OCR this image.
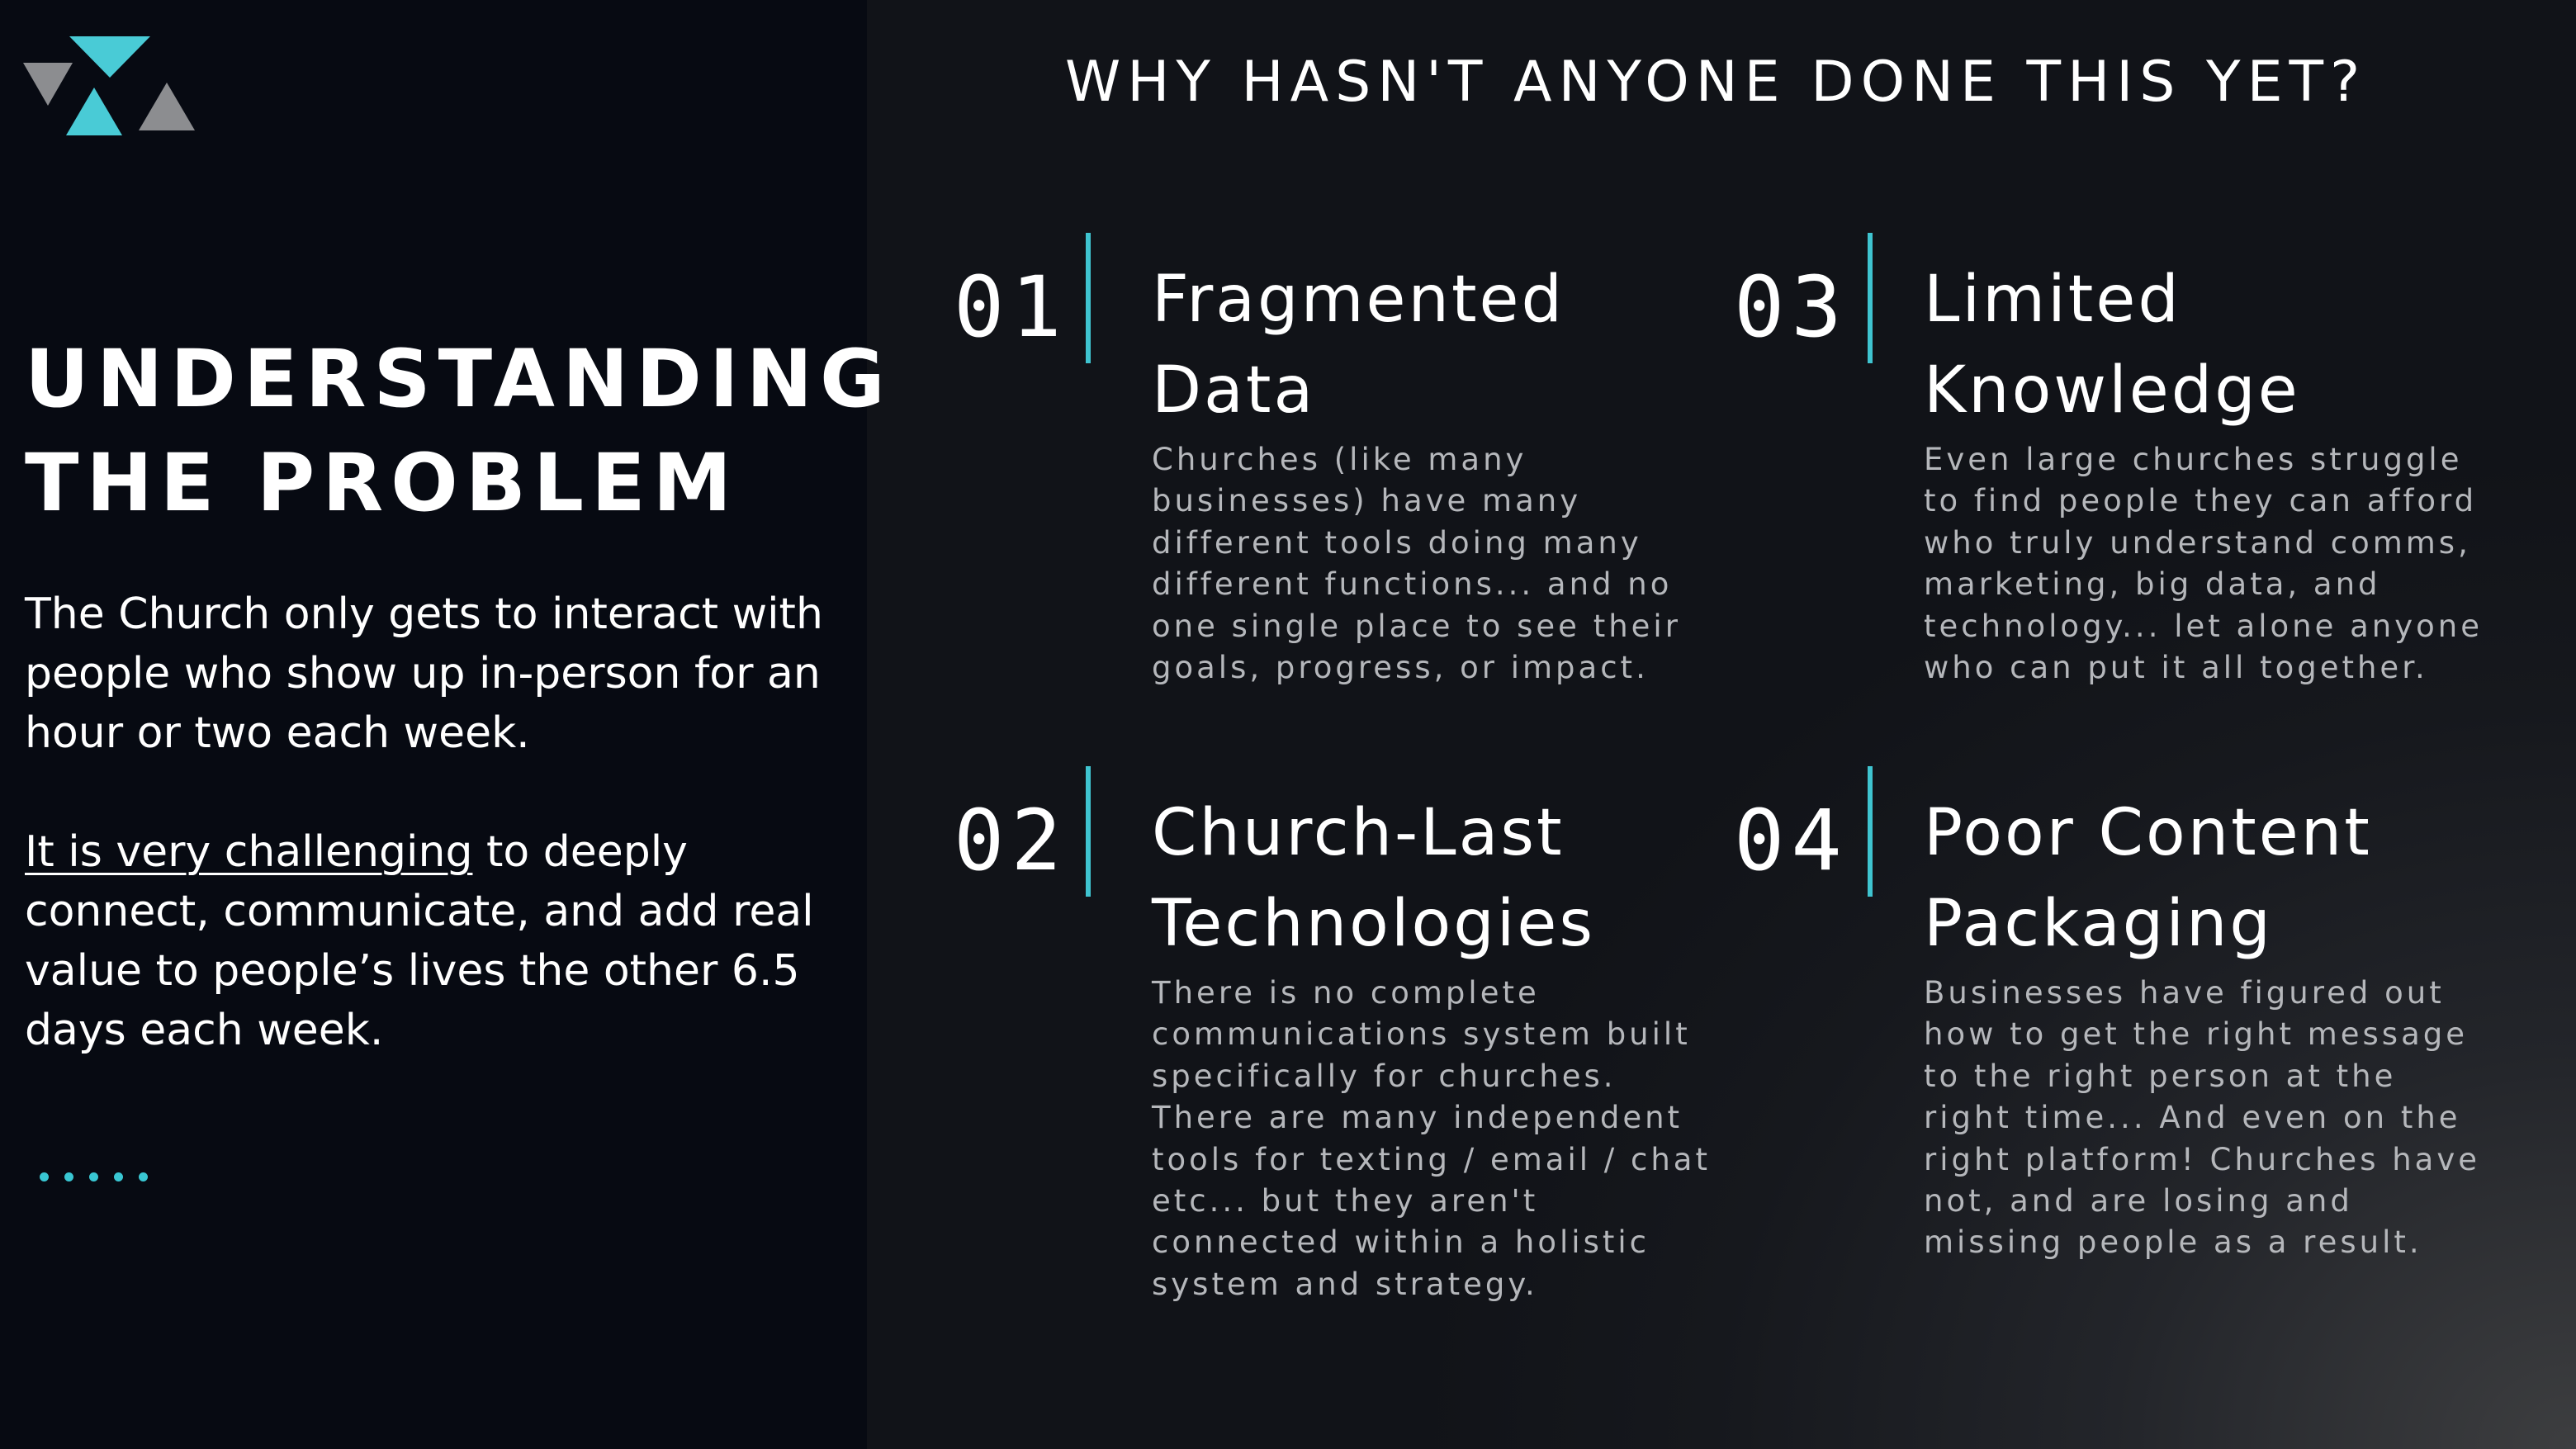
UNDERSTANDING
THE PROBLEM

The Church only gets to interact with people who show up in-person for an hour or two each week.

It is very challenging to deeply connect, communicate, and add real value to people’s lives the other 6.5 days each week.

WHY HASN'T ANYONE DONE THIS YET?
01 Fragmented Data

Churches (like many businesses) have many different tools doing many different functions... and no one single place to see their goals, progress, or impact.

02 Church-Last Technologies

There is no complete communications system built specifically for churches. There are many independent tools for texting / email / chat etc... but they aren't connected within a holistic system and strategy.

03 Limited Knowledge

Even large churches struggle to find people they can afford who truly understand comms, marketing, big data, and technology... let alone anyone who can put it all together.

04 Poor Content Packaging

Businesses have figured out how to get the right message to the right person at the right time... And even on the right platform! Churches have not, and are losing and missing people as a result.
